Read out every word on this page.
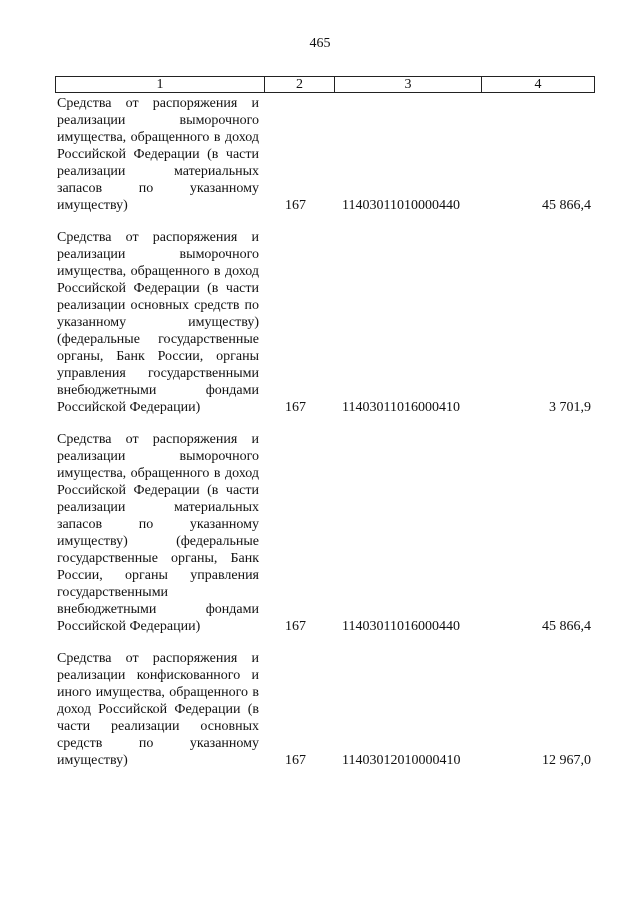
465
1	2	3	4
Средства от распоряжения и реализации выморочного имущества, обращенного в доход Российской Федерации (в части реализации материальных запасов по указанному имуществу)	167	11403011010000440	45 866,4
Средства от распоряжения и реализации выморочного имущества, обращенного в доход Российской Федерации (в части реализации основных средств по указанному имуществу) (федеральные государственные органы, Банк России, органы управления государственными внебюджетными фондами Российской Федерации)	167	11403011016000410	3 701,9
Средства от распоряжения и реализации выморочного имущества, обращенного в доход Российской Федерации (в части реализации материальных запасов по указанному имуществу) (федеральные государственные органы, Банк России, органы управления государственными внебюджетными фондами Российской Федерации)	167	11403011016000440	45 866,4
Средства от распоряжения и реализации конфискованного и иного имущества, обращенного в доход Российской Федерации (в части реализации основных средств по указанному имуществу)	167	11403012010000410	12 967,0
